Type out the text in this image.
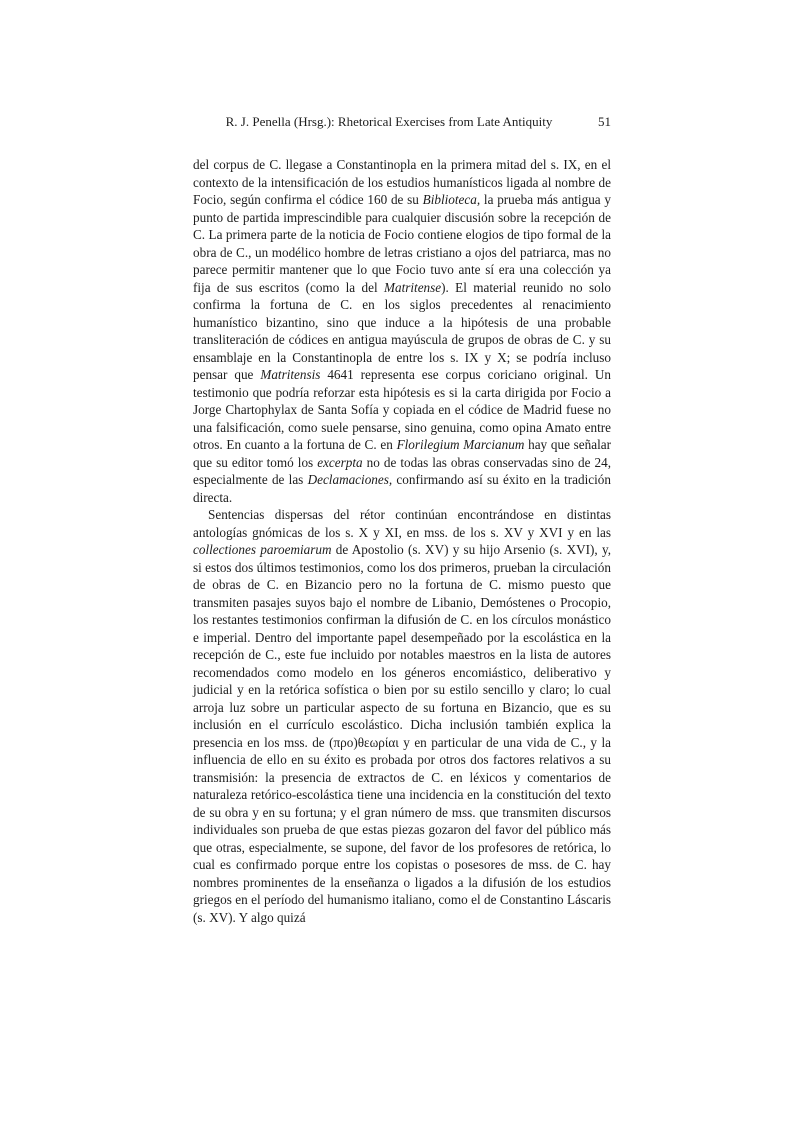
R. J. Penella (Hrsg.): Rhetorical Exercises from Late Antiquity	51

del corpus de C. llegase a Constantinopla en la primera mitad del s. IX, en el contexto de la intensificación de los estudios humanísticos ligada al nombre de Focio, según confirma el códice 160 de su Biblioteca, la prueba más antigua y punto de partida imprescindible para cualquier discusión sobre la recepción de C. La primera parte de la noticia de Focio contiene elogios de tipo formal de la obra de C., un modélico hombre de letras cristiano a ojos del patriarca, mas no parece permitir mantener que lo que Focio tuvo ante sí era una colección ya fija de sus escritos (como la del Matritense). El material reunido no solo confirma la fortuna de C. en los siglos precedentes al renacimiento humanístico bizantino, sino que induce a la hipótesis de una probable transliteración de códices en antigua mayúscula de grupos de obras de C. y su ensamblaje en la Constantinopla de entre los s. IX y X; se podría incluso pensar que Matritensis 4641 representa ese corpus coriciano original. Un testimonio que podría reforzar esta hipótesis es si la carta dirigida por Focio a Jorge Chartophylax de Santa Sofía y copiada en el códice de Madrid fuese no una falsificación, como suele pensarse, sino genuina, como opina Amato entre otros. En cuanto a la fortuna de C. en Florilegium Marcianum hay que señalar que su editor tomó los excerpta no de todas las obras conservadas sino de 24, especialmente de las Declamaciones, confirmando así su éxito en la tradición directa.

Sentencias dispersas del rétor continúan encontrándose en distintas antologías gnómicas de los s. X y XI, en mss. de los s. XV y XVI y en las collectiones paroemiarum de Apostolio (s. XV) y su hijo Arsenio (s. XVI), y, si estos dos últimos testimonios, como los dos primeros, prueban la circulación de obras de C. en Bizancio pero no la fortuna de C. mismo puesto que transmiten pasajes suyos bajo el nombre de Libanio, Demóstenes o Procopio, los restantes testimonios confirman la difusión de C. en los círculos monástico e imperial. Dentro del importante papel desempeñado por la escolástica en la recepción de C., este fue incluido por notables maestros en la lista de autores recomendados como modelo en los géneros encomiástico, deliberativo y judicial y en la retórica sofística o bien por su estilo sencillo y claro; lo cual arroja luz sobre un particular aspecto de su fortuna en Bizancio, que es su inclusión en el currículo escolástico. Dicha inclusión también explica la presencia en los mss. de (προ)θεωρίαι y en particular de una vida de C., y la influencia de ello en su éxito es probada por otros dos factores relativos a su transmisión: la presencia de extractos de C. en léxicos y comentarios de naturaleza retórico-escolástica tiene una incidencia en la constitución del texto de su obra y en su fortuna; y el gran número de mss. que transmiten discursos individuales son prueba de que estas piezas gozaron del favor del público más que otras, especialmente, se supone, del favor de los profesores de retórica, lo cual es confirmado porque entre los copistas o posesores de mss. de C. hay nombres prominentes de la enseñanza o ligados a la difusión de los estudios griegos en el período del humanismo italiano, como el de Constantino Láscaris (s. XV). Y algo quizá
